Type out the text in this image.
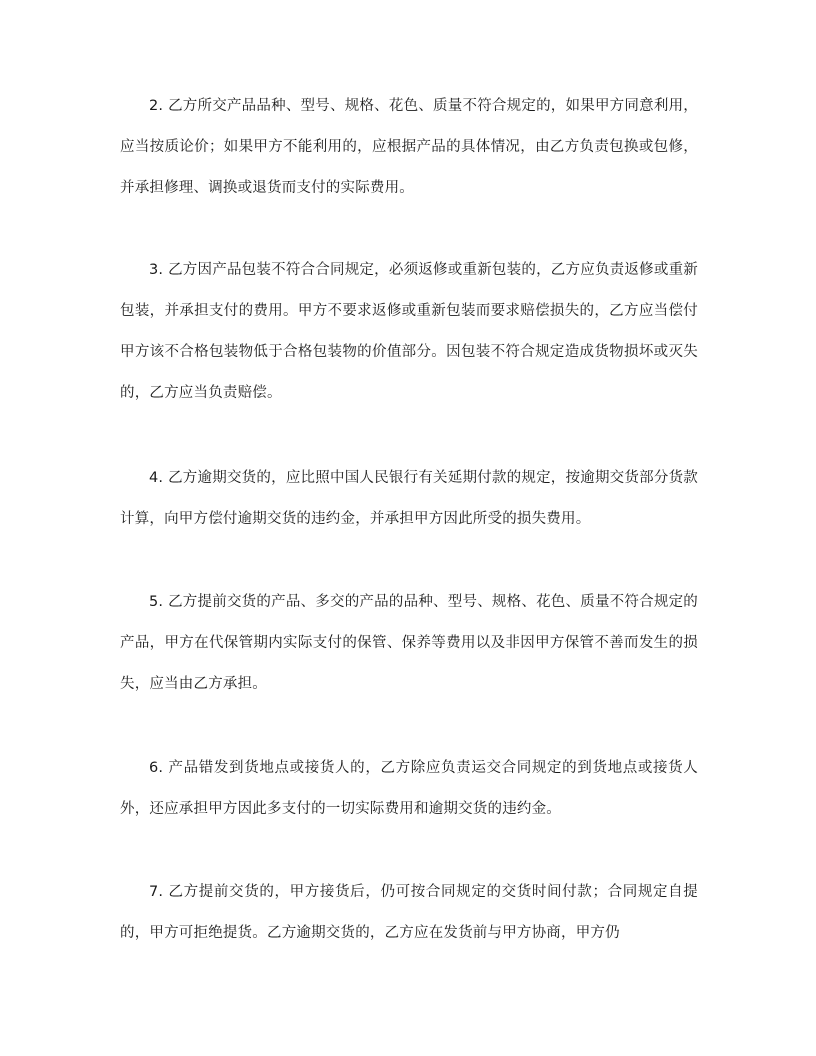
2. 乙方所交产品品种、型号、规格、花色、质量不符合规定的，如果甲方同意利用，应当按质论价；如果甲方不能利用的，应根据产品的具体情况，由乙方负责包换或包修，并承担修理、调换或退货而支付的实际费用。

3. 乙方因产品包装不符合合同规定，必须返修或重新包装的，乙方应负责返修或重新包装，并承担支付的费用。甲方不要求返修或重新包装而要求赔偿损失的，乙方应当偿付甲方该不合格包装物低于合格包装物的价值部分。因包装不符合规定造成货物损坏或灭失的，乙方应当负责赔偿。

4. 乙方逾期交货的，应比照中国人民银行有关延期付款的规定，按逾期交货部分货款计算，向甲方偿付逾期交货的违约金，并承担甲方因此所受的损失费用。

5. 乙方提前交货的产品、多交的产品的品种、型号、规格、花色、质量不符合规定的产品，甲方在代保管期内实际支付的保管、保养等费用以及非因甲方保管不善而发生的损失，应当由乙方承担。

6. 产品错发到货地点或接货人的，乙方除应负责运交合同规定的到货地点或接货人外，还应承担甲方因此多支付的一切实际费用和逾期交货的违约金。

7. 乙方提前交货的，甲方接货后，仍可按合同规定的交货时间付款；合同规定自提的，甲方可拒绝提货。乙方逾期交货的，乙方应在发货前与甲方协商，甲方仍
